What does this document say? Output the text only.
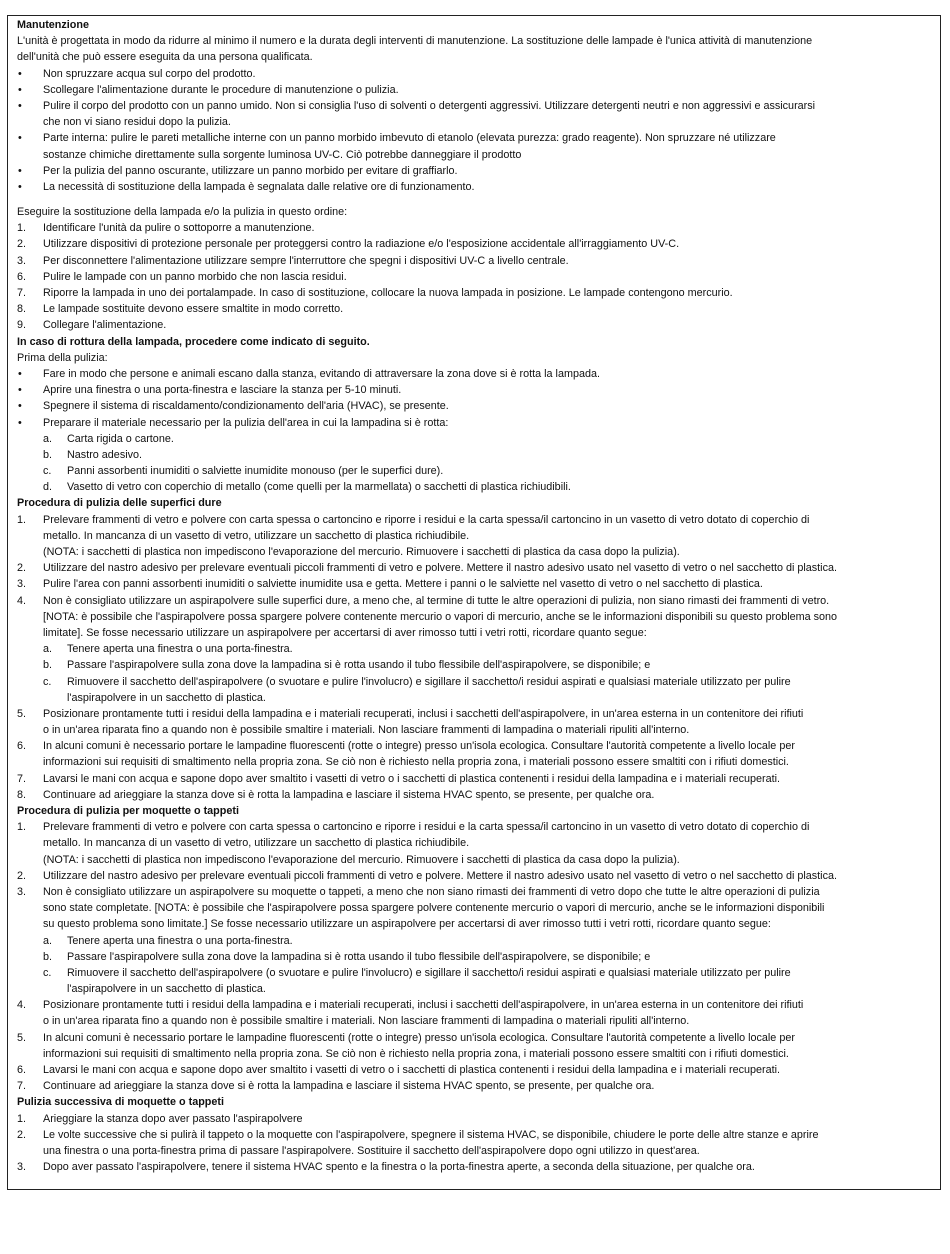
Manutenzione
L'unità è progettata in modo da ridurre al minimo il numero e la durata degli interventi di manutenzione. La sostituzione delle lampade è l'unica attività di manutenzione
dell'unità che può essere eseguita da una persona qualificata.
•	Non spruzzare acqua sul corpo del prodotto.
•	Scollegare l'alimentazione durante le procedure di manutenzione o pulizia.
•	Pulire il corpo del prodotto con un panno umido. Non si consiglia l'uso di solventi o detergenti aggressivi. Utilizzare detergenti neutri e non aggressivi e assicurarsi
che non vi siano residui dopo la pulizia.
•	Parte interna: pulire le pareti metalliche interne con un panno morbido imbevuto di etanolo (elevata purezza: grado reagente). Non spruzzare né utilizzare
sostanze chimiche direttamente sulla sorgente luminosa UV-C. Ciò potrebbe danneggiare il prodotto
•	Per la pulizia del panno oscurante, utilizzare un panno morbido per evitare di graffiarlo.
•	La necessità di sostituzione della lampada è segnalata dalle relative ore di funzionamento.
Eseguire la sostituzione della lampada e/o la pulizia in questo ordine:
1.	Identificare l'unità da pulire o sottoporre a manutenzione.
2.	Utilizzare dispositivi di protezione personale per proteggersi contro la radiazione e/o l'esposizione accidentale all'irraggiamento UV-C.
3.	Per disconnettere l'alimentazione utilizzare sempre l'interruttore che spegni i dispositivi UV-C a livello centrale.
6.	Pulire le lampade con un panno morbido che non lascia residui.
7.	Riporre la lampada in uno dei portalampade. In caso di sostituzione, collocare la nuova lampada in posizione. Le lampade contengono mercurio.
8.	Le lampade sostituite devono essere smaltite in modo corretto.
9.	Collegare l'alimentazione.
In caso di rottura della lampada, procedere come indicato di seguito.
Prima della pulizia:
•	Fare in modo che persone e animali escano dalla stanza, evitando di attraversare la zona dove si è rotta la lampada.
•	Aprire una finestra o una porta-finestra e lasciare la stanza per 5-10 minuti.
•	Spegnere il sistema di riscaldamento/condizionamento dell'aria (HVAC), se presente.
•	Preparare il materiale necessario per la pulizia dell'area in cui la lampadina si è rotta:
a.	Carta rigida o cartone.
b.	Nastro adesivo.
c.	Panni assorbenti inumiditi o salviette inumidite monouso (per le superfici dure).
d.	Vasetto di vetro con coperchio di metallo (come quelli per la marmellata) o sacchetti di plastica richiudibili.
Procedura di pulizia delle superfici dure
1.	Prelevare frammenti di vetro e polvere con carta spessa o cartoncino e riporre i residui e la carta spessa/il cartoncino in un vasetto di vetro dotato di coperchio di
metallo. In mancanza di un vasetto di vetro, utilizzare un sacchetto di plastica richiudibile.
(NOTA: i sacchetti di plastica non impediscono l'evaporazione del mercurio. Rimuovere i sacchetti di plastica da casa dopo la pulizia).
2.	Utilizzare del nastro adesivo per prelevare eventuali piccoli frammenti di vetro e polvere. Mettere il nastro adesivo usato nel vasetto di vetro o nel sacchetto di plastica.
3.	Pulire l'area con panni assorbenti inumiditi o salviette inumidite usa e getta. Mettere i panni o le salviette nel vasetto di vetro o nel sacchetto di plastica.
4.	Non è consigliato utilizzare un aspirapolvere sulle superfici dure, a meno che, al termine di tutte le altre operazioni di pulizia, non siano rimasti dei frammenti di vetro.
[NOTA: è possibile che l'aspirapolvere possa spargere polvere contenente mercurio o vapori di mercurio, anche se le informazioni disponibili su questo problema sono
limitate]. Se fosse necessario utilizzare un aspirapolvere per accertarsi di aver rimosso tutti i vetri rotti, ricordare quanto segue:
a.	Tenere aperta una finestra o una porta-finestra.
b.	Passare l'aspirapolvere sulla zona dove la lampadina si è rotta usando il tubo flessibile dell'aspirapolvere, se disponibile; e
c.	Rimuovere il sacchetto dell'aspirapolvere (o svuotare e pulire l'involucro) e sigillare il sacchetto/i residui aspirati e qualsiasi materiale utilizzato per pulire
l'aspirapolvere in un sacchetto di plastica.
5.	Posizionare prontamente tutti i residui della lampadina e i materiali recuperati, inclusi i sacchetti dell'aspirapolvere, in un'area esterna in un contenitore dei rifiuti
o in un'area riparata fino a quando non è possibile smaltire i materiali. Non lasciare frammenti di lampadina o materiali ripuliti all'interno.
6.	In alcuni comuni è necessario portare le lampadine fluorescenti (rotte o integre) presso un'isola ecologica. Consultare l'autorità competente a livello locale per
informazioni sui requisiti di smaltimento nella propria zona. Se ciò non è richiesto nella propria zona, i materiali possono essere smaltiti con i rifiuti domestici.
7.	Lavarsi le mani con acqua e sapone dopo aver smaltito i vasetti di vetro o i sacchetti di plastica contenenti i residui della lampadina e i materiali recuperati.
8.	Continuare ad arieggiare la stanza dove si è rotta la lampadina e lasciare il sistema HVAC spento, se presente, per qualche ora.
Procedura di pulizia per moquette o tappeti
1.	Prelevare frammenti di vetro e polvere con carta spessa o cartoncino e riporre i residui e la carta spessa/il cartoncino in un vasetto di vetro dotato di coperchio di
metallo. In mancanza di un vasetto di vetro, utilizzare un sacchetto di plastica richiudibile.
(NOTA: i sacchetti di plastica non impediscono l'evaporazione del mercurio. Rimuovere i sacchetti di plastica da casa dopo la pulizia).
2.	Utilizzare del nastro adesivo per prelevare eventuali piccoli frammenti di vetro e polvere. Mettere il nastro adesivo usato nel vasetto di vetro o nel sacchetto di plastica.
3.	Non è consigliato utilizzare un aspirapolvere su moquette o tappeti, a meno che non siano rimasti dei frammenti di vetro dopo che tutte le altre operazioni di pulizia
sono state completate. [NOTA: è possibile che l'aspirapolvere possa spargere polvere contenente mercurio o vapori di mercurio, anche se le informazioni disponibili
su questo problema sono limitate.] Se fosse necessario utilizzare un aspirapolvere per accertarsi di aver rimosso tutti i vetri rotti, ricordare quanto segue:
a.	Tenere aperta una finestra o una porta-finestra.
b.	Passare l'aspirapolvere sulla zona dove la lampadina si è rotta usando il tubo flessibile dell'aspirapolvere, se disponibile; e
c.	Rimuovere il sacchetto dell'aspirapolvere (o svuotare e pulire l'involucro) e sigillare il sacchetto/i residui aspirati e qualsiasi materiale utilizzato per pulire
l'aspirapolvere in un sacchetto di plastica.
4.	Posizionare prontamente tutti i residui della lampadina e i materiali recuperati, inclusi i sacchetti dell'aspirapolvere, in un'area esterna in un contenitore dei rifiuti
o in un'area riparata fino a quando non è possibile smaltire i materiali. Non lasciare frammenti di lampadina o materiali ripuliti all'interno.
5.	In alcuni comuni è necessario portare le lampadine fluorescenti (rotte o integre) presso un'isola ecologica. Consultare l'autorità competente a livello locale per
informazioni sui requisiti di smaltimento nella propria zona. Se ciò non è richiesto nella propria zona, i materiali possono essere smaltiti con i rifiuti domestici.
6.	Lavarsi le mani con acqua e sapone dopo aver smaltito i vasetti di vetro o i sacchetti di plastica contenenti i residui della lampadina e i materiali recuperati.
7.	Continuare ad arieggiare la stanza dove si è rotta la lampadina e lasciare il sistema HVAC spento, se presente, per qualche ora.
Pulizia successiva di moquette o tappeti
1.	Arieggiare la stanza dopo aver passato l'aspirapolvere
2.	Le volte successive che si pulirà il tappeto o la moquette con l'aspirapolvere, spegnere il sistema HVAC, se disponibile, chiudere le porte delle altre stanze e aprire
una finestra o una porta-finestra prima di passare l'aspirapolvere. Sostituire il sacchetto dell'aspirapolvere dopo ogni utilizzo in quest'area.
3.	Dopo aver passato l'aspirapolvere, tenere il sistema HVAC spento e la finestra o la porta-finestra aperte, a seconda della situazione, per qualche ora.
